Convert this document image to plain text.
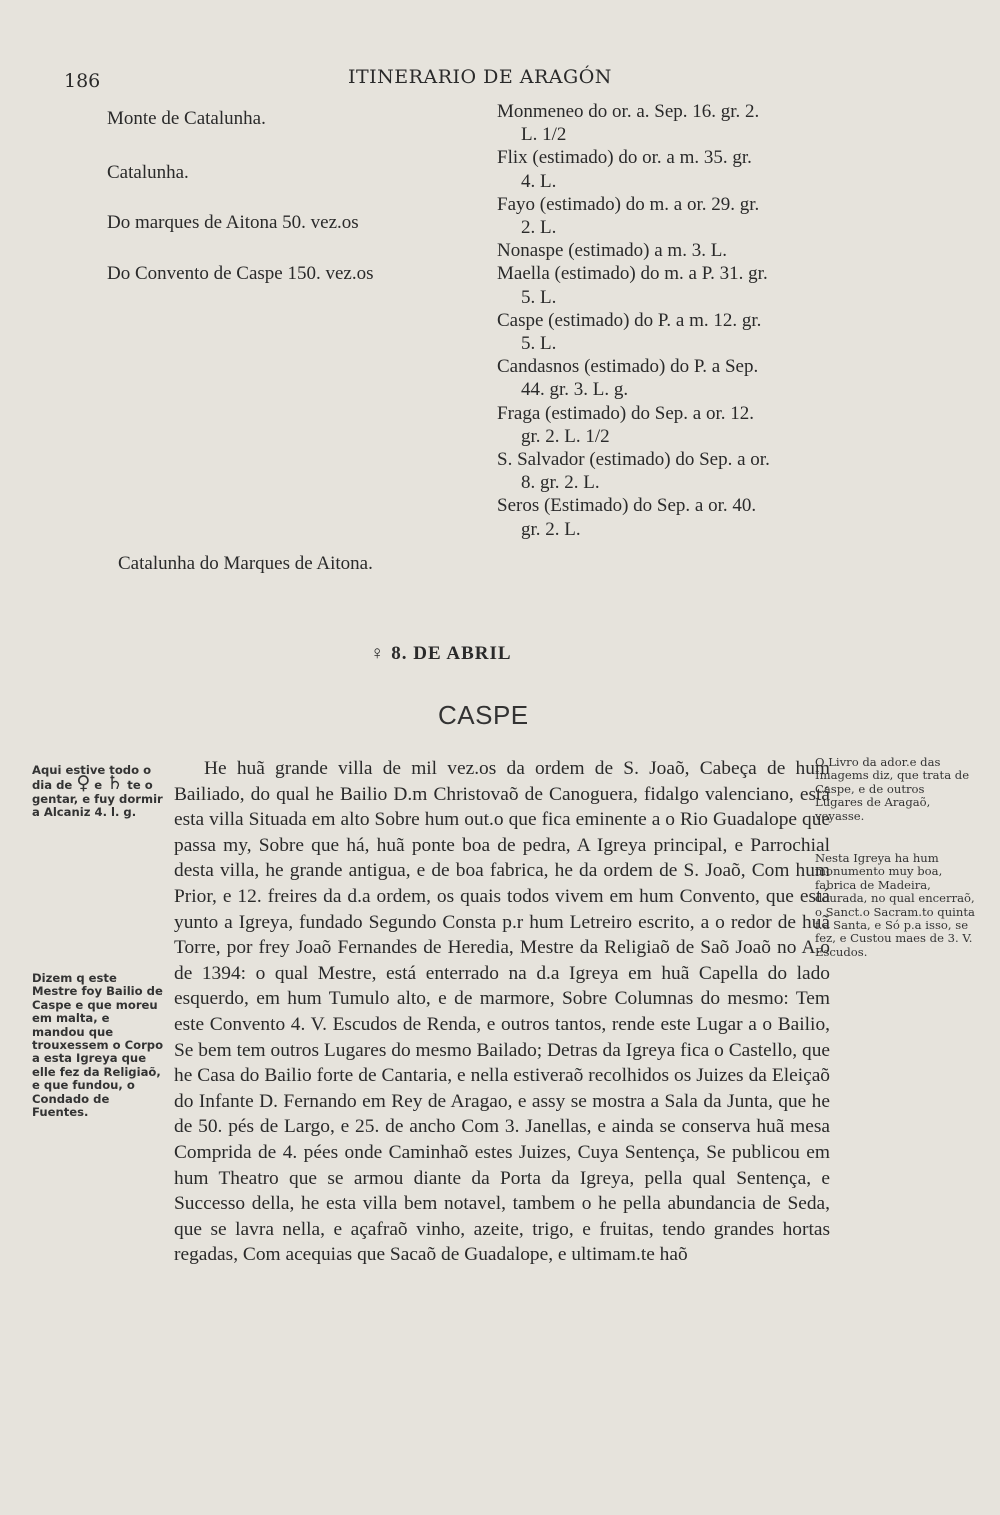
186	ITINERARIO DE ARAGÓN
Monte de Catalunha.
Catalunha.
Do marques de Aitona 50. vez.os
Do Convento de Caspe 150. vez.os
Catalunha do Marques de Aitona.
Monmeneo do or. a. Sep. 16. gr. 2.
L. 1/2
Flix (estimado) do or. a m. 35. gr.
4. L.
Fayo (estimado) do m. a or. 29. gr.
2. L.
Nonaspe (estimado) a m. 3. L.
Maella (estimado) do m. a P. 31. gr.
5. L.
Caspe (estimado) do P. a m. 12. gr.
5. L.
Candasnos (estimado) do P. a Sep.
44. gr. 3. L. g.
Fraga (estimado) do Sep. a or. 12.
gr. 2. L. 1/2
S. Salvador (estimado) do Sep. a or.
8. gr. 2. L.
Seros (Estimado) do Sep. a or. 40.
gr. 2. L.
♀ 8. DE ABRIL
CASPE
He huã grande villa de mil vez.os da ordem de S. Joaõ, Cabeça de hum Bailiado, do qual he Bailio D.m Christovaõ de Canoguera, fidalgo valenciano, está esta villa Situada em alto Sobre hum out.o que fica eminente a o Rio Guadalope que passa my, Sobre que há, huã ponte boa de pedra, A Igreya principal, e Parrochial desta villa, he grande antigua, e de boa fabrica, he da ordem de S. Joaõ, Com hum Prior, e 12. freires da d.a ordem, os quais todos vivem em hum Convento, que está yunto a Igreya, fundado Segundo Consta p.r hum Letreiro escrito, a o redor de huã Torre, por frey Joaõ Fernandes de Heredia, Mestre da Religiaõ de Saõ Joaõ no A.o de 1394: o qual Mestre, está enterrado na d.a Igreya em huã Capella do lado esquerdo, em hum Tumulo alto, e de marmore, Sobre Columnas do mesmo: Tem este Convento 4. V. Escudos de Renda, e outros tantos, rende este Lugar a o Bailio, Se bem tem outros Lugares do mesmo Bailado; Detras da Igreya fica o Castello, que he Casa do Bailio forte de Cantaria, e nella estiveraõ recolhidos os Juizes da Eleiçaõ do Infante D. Fernando em Rey de Aragao, e assy se mostra a Sala da Junta, que he de 50. pés de Largo, e 25. de ancho Com 3. Janellas, e ainda se conserva huã mesa Comprida de 4. pées onde Caminhaõ estes Juizes, Cuya Sentença, Se publicou em hum Theatro que se armou diante da Porta da Igreya, pella qual Sentença, e Successo della, he esta villa bem notavel, tambem o he pella abundancia de Seda, que se lavra nella, e açafraõ vinho, azeite, trigo, e fruitas, tendo grandes hortas regadas, Com acequias que Sacaõ de Guadalope, e ultimam.te haõ
Aqui estive todo o dia de ♀ e ♄ te o gentar, e fuy dormir a Alcaniz 4. l. g.
Dizem q este Mestre foy Bailio de Caspe e que moreu em malta, e mandou que trouxessem o Corpo a esta Igreya que elle fez da Religiaõ, e que fundou, o Condado de Fuentes.
O Livro da ador.e das Imagems diz, que trata de Caspe, e de outros Lugares de Aragaõ, veyasse.
Nesta Igreya ha hum monumento muy boa, fabrica de Madeira, dourada, no qual encerraõ, o Sanct.o Sacram.to quinta f.a Santa, e Só p.a isso, se fez, e Custou maes de 3. V. Escudos.
